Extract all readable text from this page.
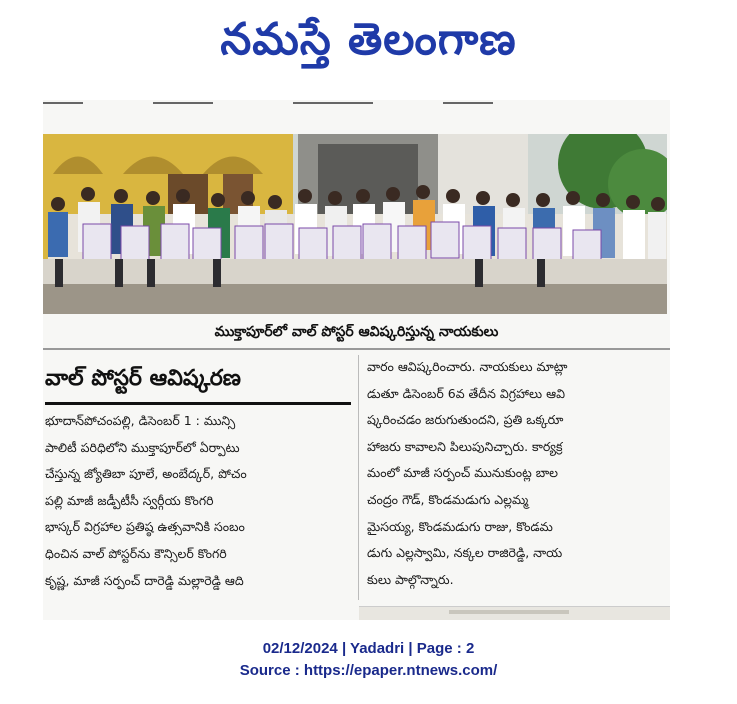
నమస్తే తెలంగాణ
ముక్తాపూర్‌లో వాల్ పోస్టర్ ఆవిష్కరిస్తున్న నాయకులు
వాల్ పోస్టర్ ఆవిష్కరణ
భూదాన్‌పోచంపల్లి, డిసెంబర్ 1 : మున్సి
పాలిటీ పరిధిలోని ముక్తాపూర్‌లో ఏర్పాటు
చేస్తున్న జ్యోతిబా పూలే, అంబేద్కర్, పోచం
పల్లి మాజీ జడ్పీటీసీ స్వర్గీయ కొంగరి
భాస్కర్ విగ్రహాల ప్రతిష్ఠ ఉత్సవానికి సంబం
ధించిన వాల్ పోస్టర్‌ను కౌన్సిలర్ కొంగరి
కృష్ణ, మాజీ సర్పంచ్ దారెడ్డి మల్లారెడ్డి ఆది
వారం ఆవిష్కరించారు. నాయకులు మాట్లా
డుతూ డిసెంబర్ 6వ తేదీన విగ్రహాలు ఆవి
ష్కరించడం జరుగుతుందని, ప్రతి ఒక్కరూ
హాజరు కావాలని పిలుపునిచ్చారు. కార్యక్ర
మంలో మాజీ సర్పంచ్ మునుకుంట్ల బాల
చంద్రం గౌడ్, కొండమడుగు ఎల్లమ్మ
మైసయ్య, కొండమడుగు రాజు, కొండమ
డుగు ఎల్లస్వామి, నక్కల రాజిరెడ్డి, నాయ
కులు పాల్గొన్నారు.
02/12/2024 | Yadadri | Page : 2
Source : https://epaper.ntnews.com/
